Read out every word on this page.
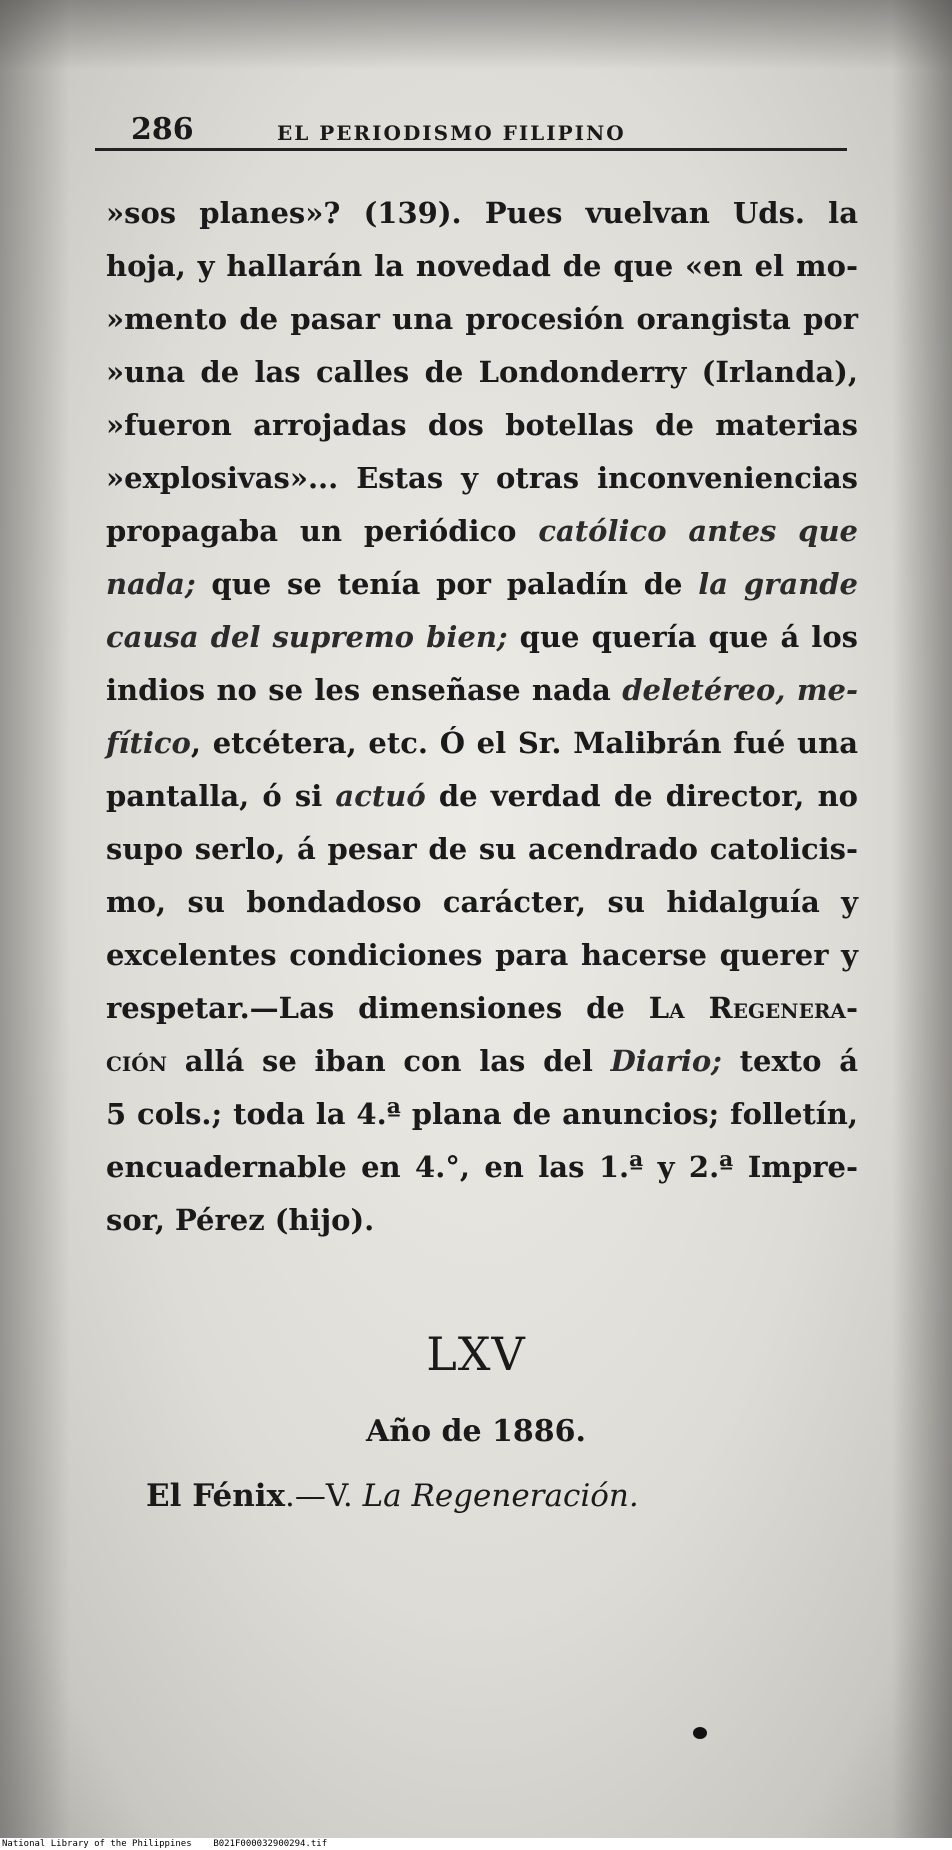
286	EL PERIODISMO FILIPINO
»sos planes»? (139). Pues vuelvan Uds. la
hoja, y hallarán la novedad de que «en el mo-
»mento de pasar una procesión orangista por
»una de las calles de Londonderry (Irlanda),
»fueron arrojadas dos botellas de materias
»explosivas»... Estas y otras inconveniencias
propagaba un periódico católico antes que
nada; que se tenía por paladín de la grande
causa del supremo bien; que quería que á los
indios no se les enseñase nada deletéreo, me-
fítico, etcétera, etc. Ó el Sr. Malibrán fué una
pantalla, ó si actuó de verdad de director, no
supo serlo, á pesar de su acendrado catolicis-
mo, su bondadoso carácter, su hidalguía y
excelentes condiciones para hacerse querer y
respetar.—Las dimensiones de La Regenera-
ción allá se iban con las del Diario; texto á
5 cols.; toda la 4.ª plana de anuncios; folletín,
encuadernable en 4.°, en las 1.ª y 2.ª Impre-
sor, Pérez (hijo).
LXV
Año de 1886.
El Fénix.—V. La Regeneración.
National Library of the Philippines    B021F000032900294.tif
